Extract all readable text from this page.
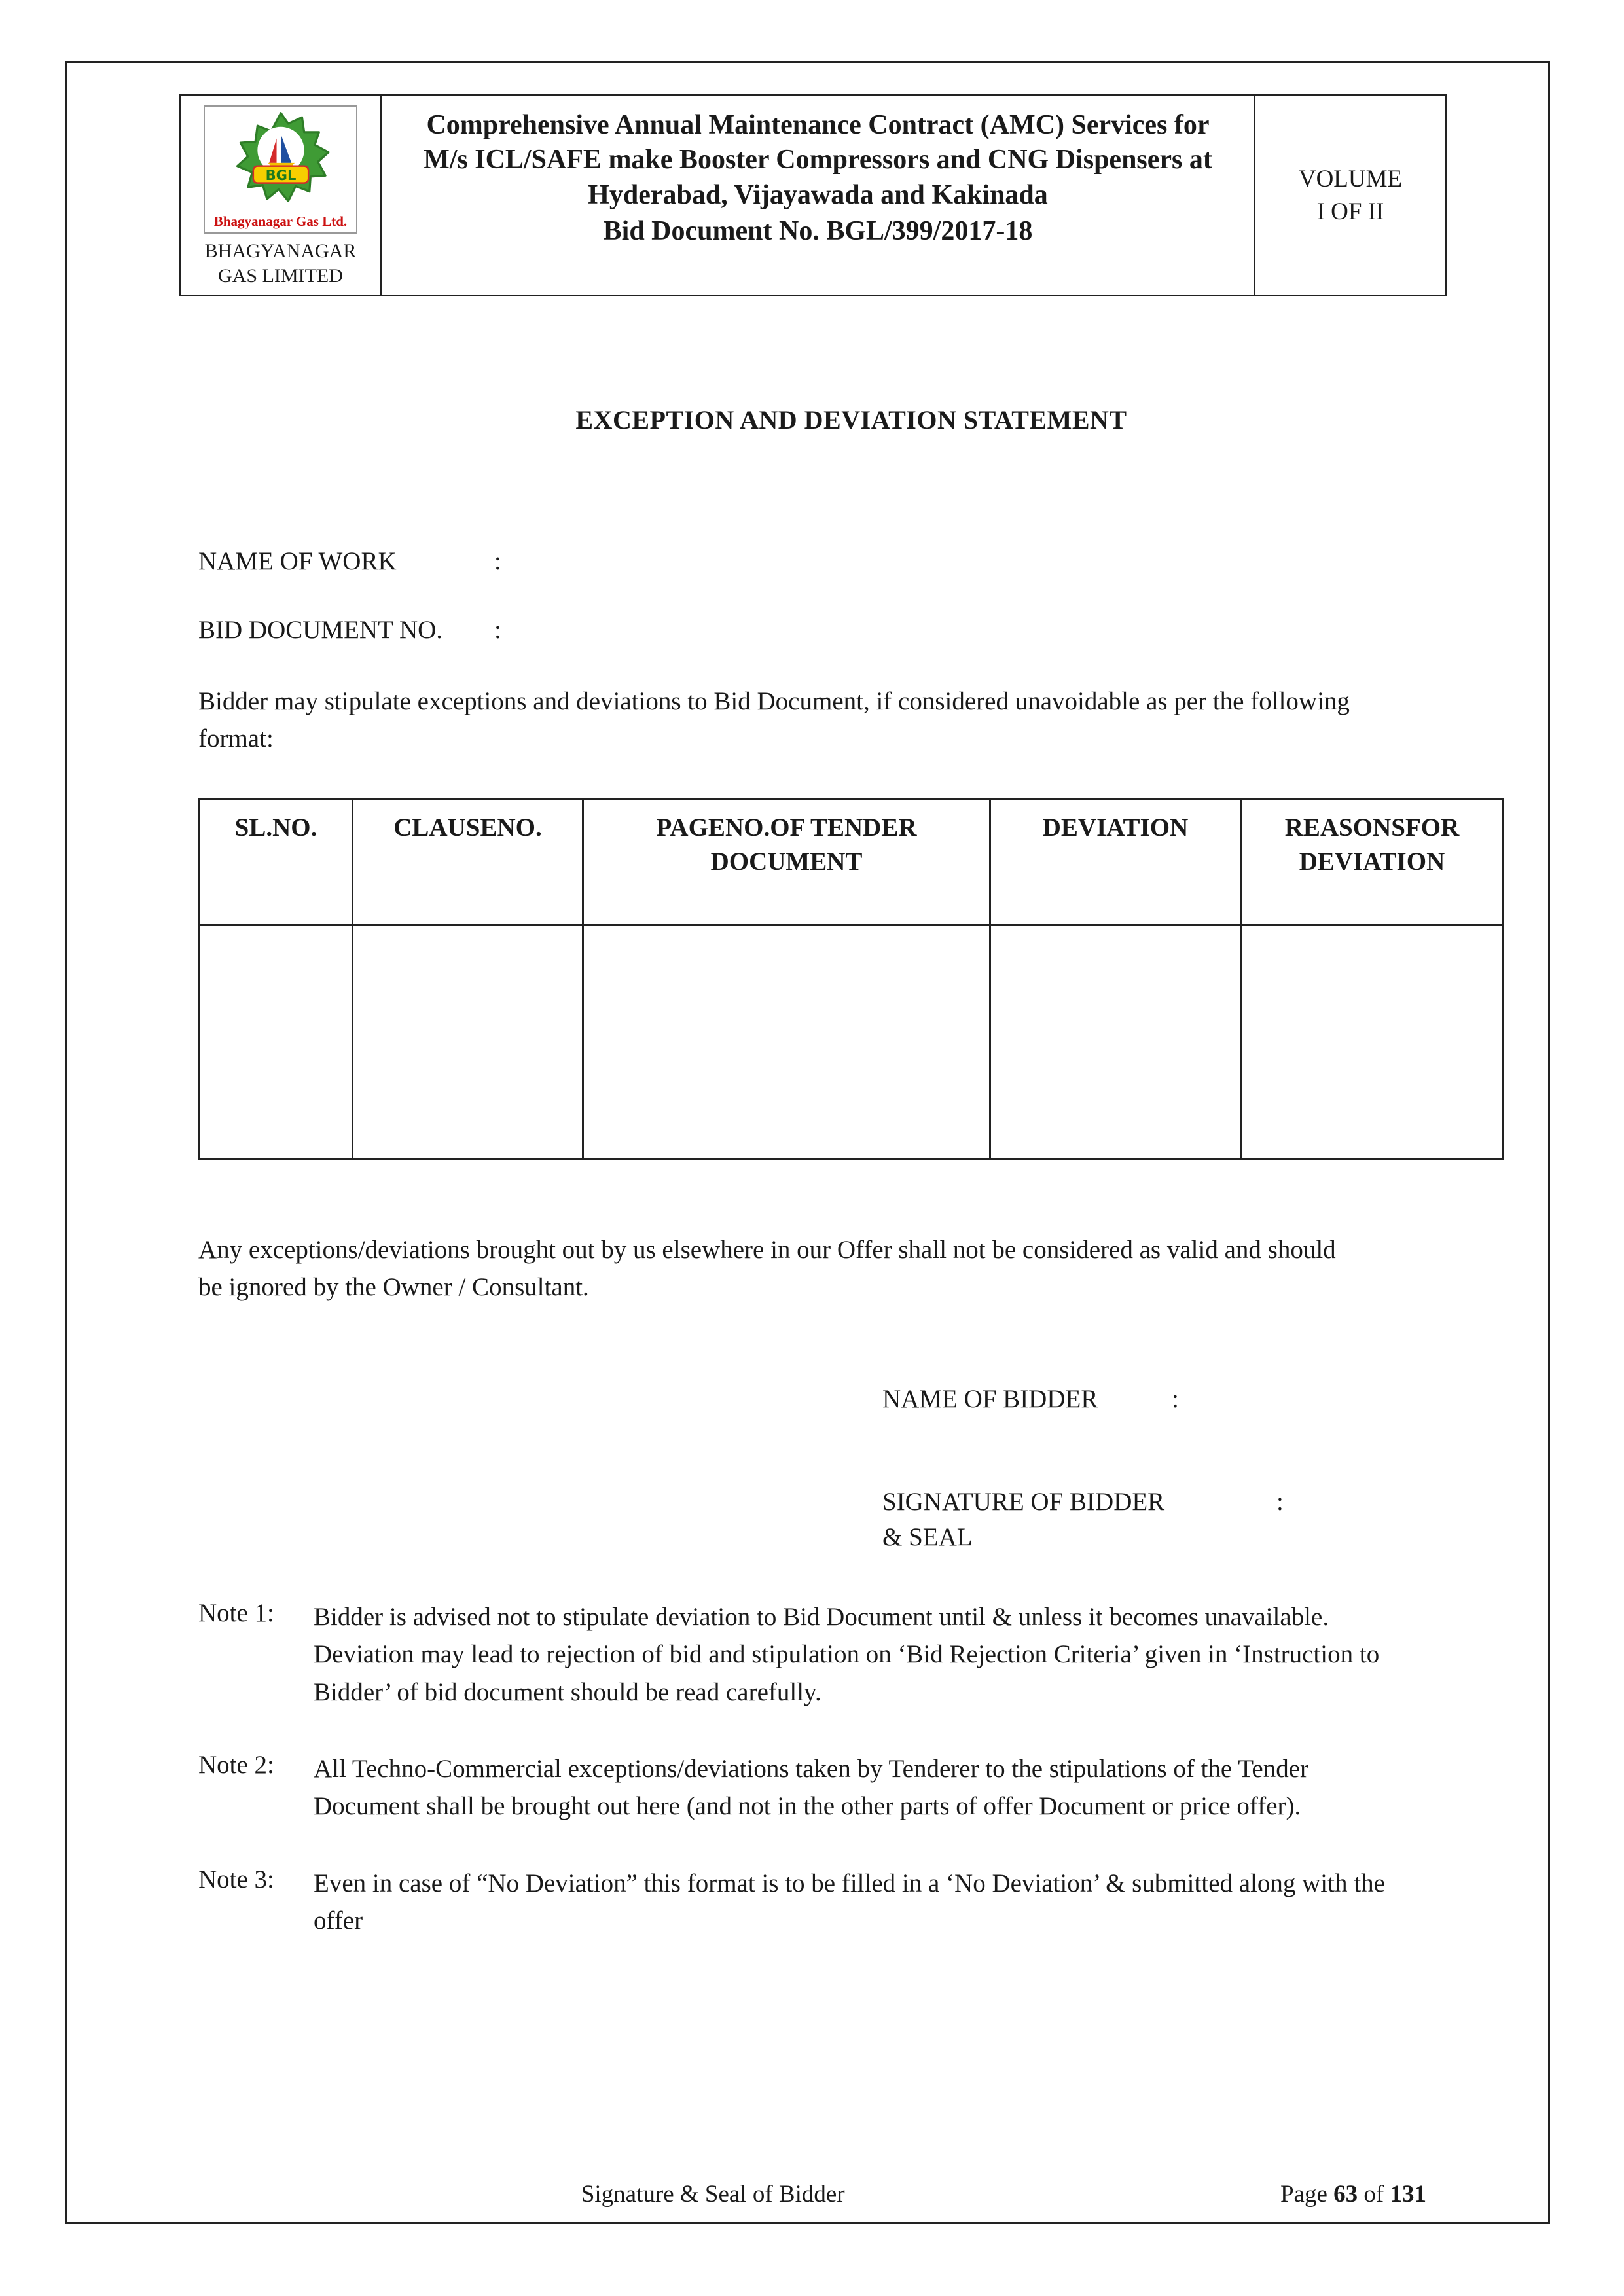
BGL
Bhagyanagar Gas Ltd.
BHAGYANAGAR GAS LIMITED
Comprehensive Annual Maintenance Contract (AMC) Services for M/s ICL/SAFE make Booster Compressors and CNG Dispensers at Hyderabad, Vijayawada and Kakinada
Bid Document No. BGL/399/2017-18
VOLUME
I OF II
EXCEPTION AND DEVIATION STATEMENT
NAME OF WORK	:
BID DOCUMENT NO. :

Bidder may stipulate exceptions and deviations to Bid Document, if considered unavoidable as per the following format:

SL.NO.	CLAUSENO.	PAGENO.OF TENDER DOCUMENT	DEVIATION	REASONSFOR DEVIATION

Any exceptions/deviations brought out by us elsewhere in our Offer shall not be considered as valid and should be ignored by the Owner / Consultant.

NAME OF BIDDER	:
SIGNATURE OF BIDDER	:
& SEAL
Note 1:	Bidder is advised not to stipulate deviation to Bid Document until & unless it becomes unavailable. Deviation may lead to rejection of bid and stipulation on ‘Bid Rejection Criteria’ given in ‘Instruction to Bidder’ of bid document should be read carefully.
Note 2:	All Techno-Commercial exceptions/deviations taken by Tenderer to the stipulations of the Tender Document shall be brought out here (and not in the other parts of offer Document or price offer).
Note 3:	Even in case of “No Deviation” this format is to be filled in a ‘No Deviation’ & submitted along with the offer
Signature & Seal of Bidder	Page 63 of 131
